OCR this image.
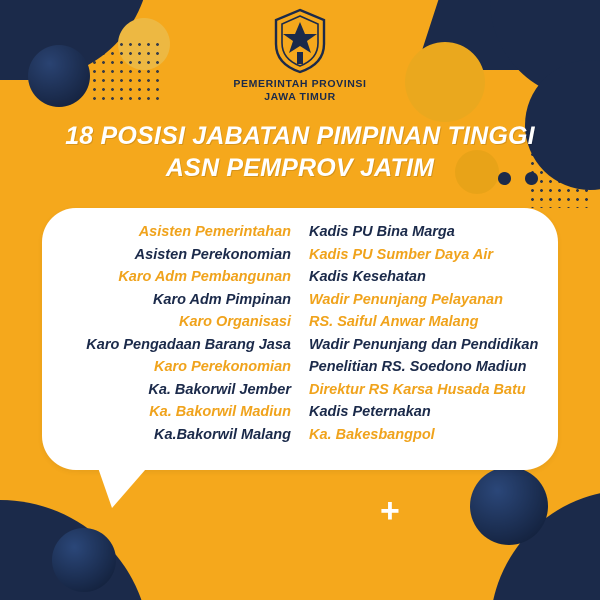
+
PEMERINTAH PROVINSI
JAWA TIMUR
18 POSISI JABATAN PIMPINAN TINGGI
ASN PEMPROV JATIM
Asisten Pemerintahan
Asisten Perekonomian
Karo Adm Pembangunan
Karo Adm Pimpinan
Karo Organisasi
Karo Pengadaan Barang Jasa
Karo Perekonomian
Ka. Bakorwil Jember
Ka. Bakorwil Madiun
Ka.Bakorwil Malang
Kadis PU Bina Marga
Kadis PU Sumber Daya Air
Kadis Kesehatan
Wadir Penunjang Pelayanan
RS. Saiful Anwar Malang
Wadir Penunjang dan Pendidikan
Penelitian RS. Soedono Madiun
Direktur RS Karsa Husada Batu
Kadis Peternakan
Ka. Bakesbangpol
